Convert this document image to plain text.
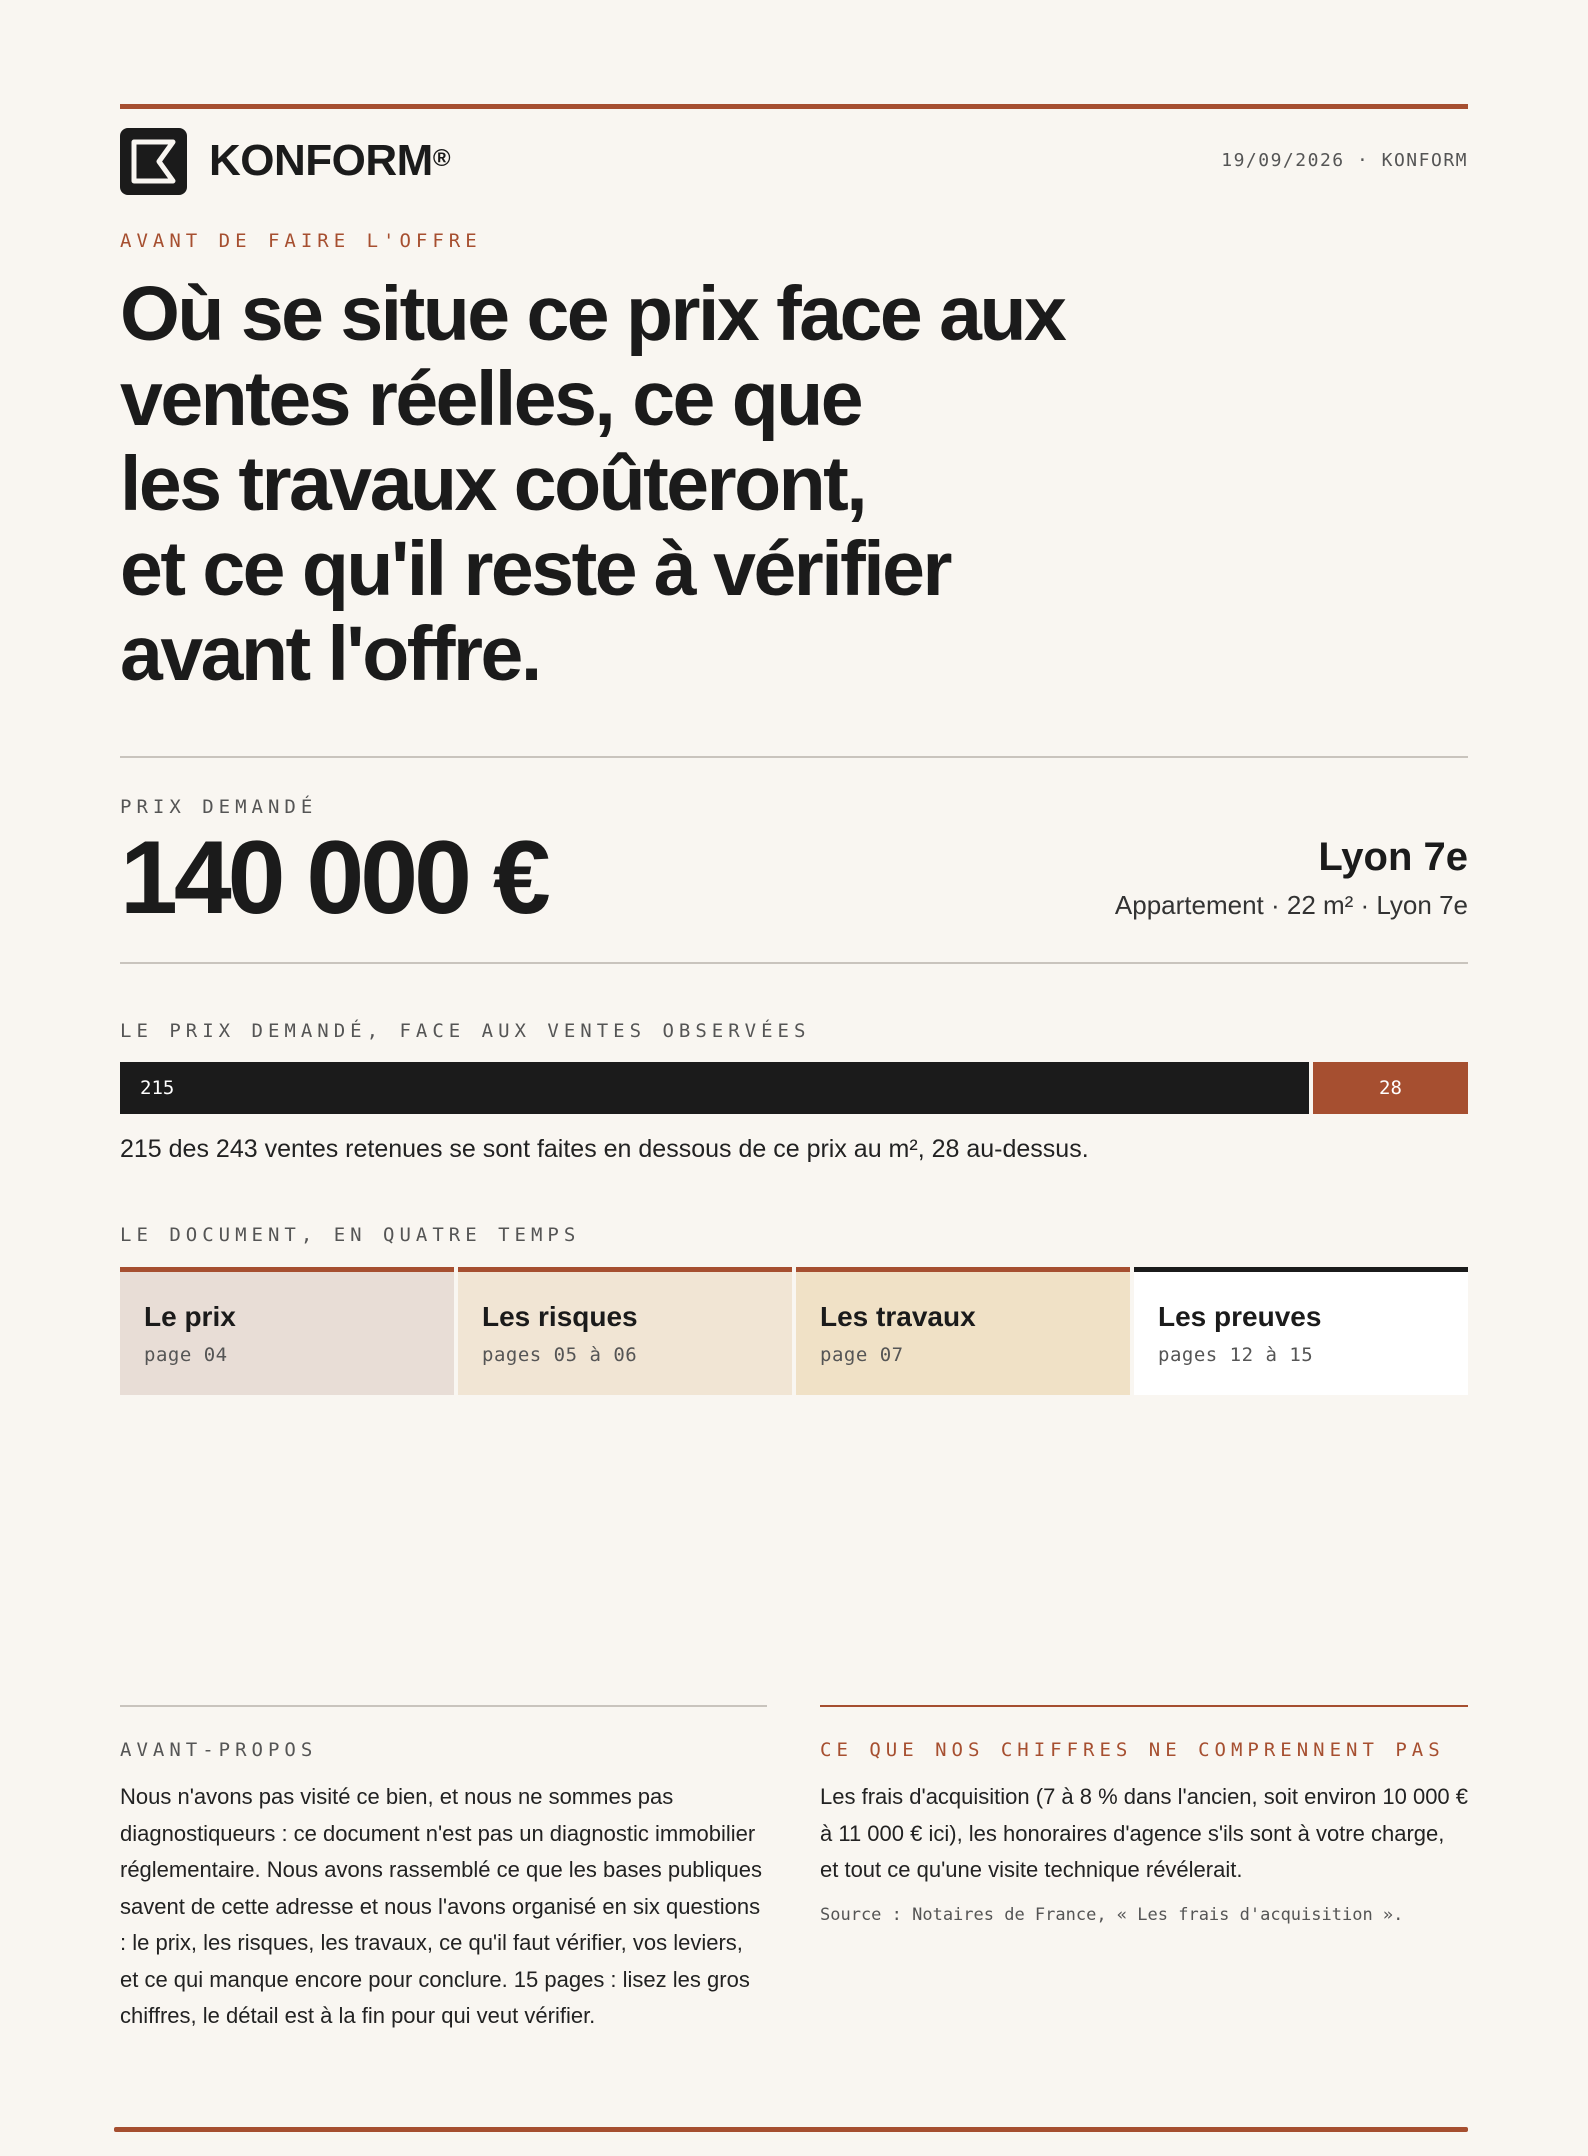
KONFORM®	19/09/2026 · KONFORM
AVANT DE FAIRE L'OFFRE
Où se situe ce prix face aux
ventes réelles, ce que
les travaux coûteront,
et ce qu'il reste à vérifier
avant l'offre.
PRIX DEMANDÉ
140 000 €	Lyon 7e
Appartement · 22 m² · Lyon 7e
LE PRIX DEMANDÉ, FACE AUX VENTES OBSERVÉES
215	28
215 des 243 ventes retenues se sont faites en dessous de ce prix au m², 28 au-dessus.
LE DOCUMENT, EN QUATRE TEMPS
Le prix
page 04
Les risques
pages 05 à 06
Les travaux
page 07
Les preuves
pages 12 à 15
AVANT-PROPOS
Nous n'avons pas visité ce bien, et nous ne sommes pas diagnostiqueurs : ce document n'est pas un diagnostic immobilier réglementaire. Nous avons rassemblé ce que les bases publiques savent de cette adresse et nous l'avons organisé en six questions : le prix, les risques, les travaux, ce qu'il faut vérifier, vos leviers, et ce qui manque encore pour conclure. 15 pages : lisez les gros chiffres, le détail est à la fin pour qui veut vérifier.
CE QUE NOS CHIFFRES NE COMPRENNENT PAS
Les frais d'acquisition (7 à 8 % dans l'ancien, soit environ 10 000 € à 11 000 € ici), les honoraires d'agence s'ils sont à votre charge, et tout ce qu'une visite technique révélerait.
Source : Notaires de France, « Les frais d'acquisition ».
